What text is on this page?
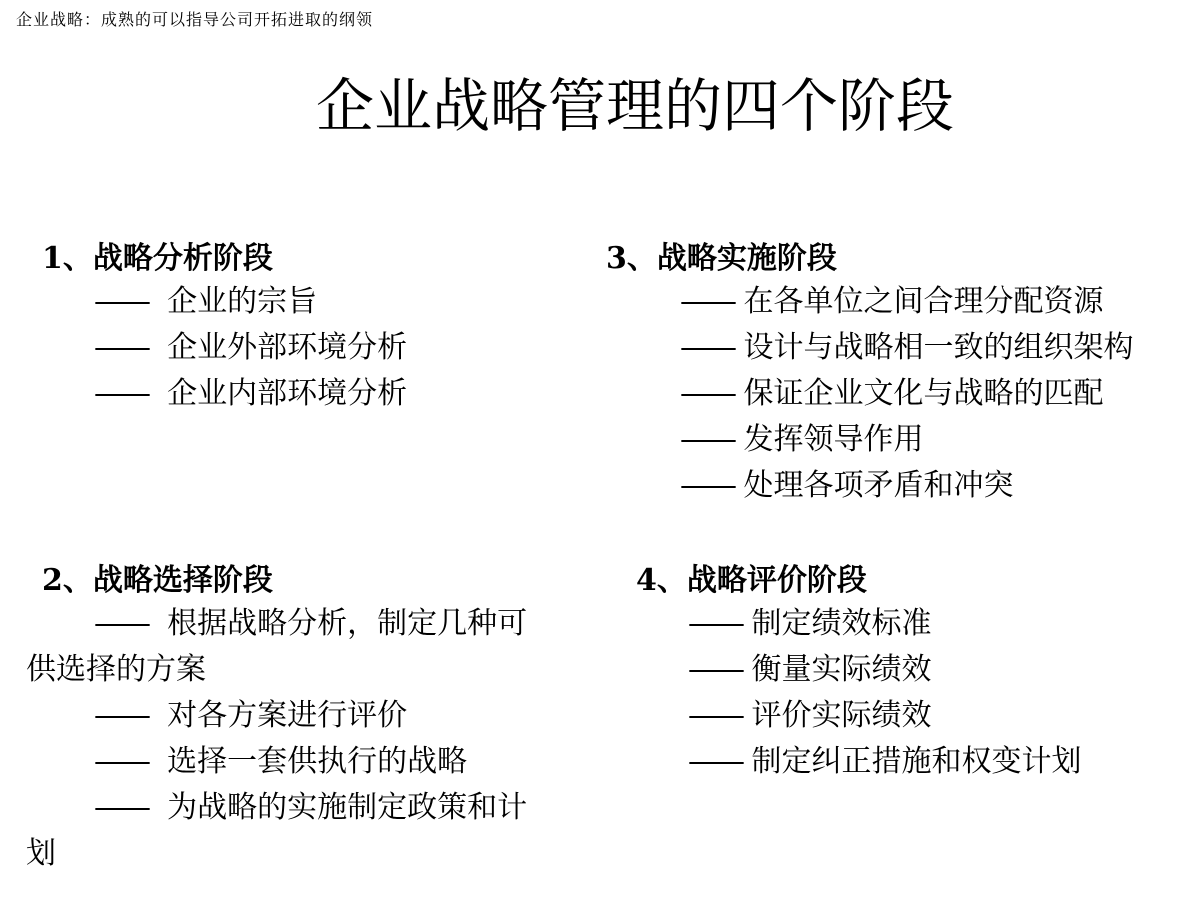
企业战略：成熟的可以指导公司开拓进取的纲领
企业战略管理的四个阶段
1、战略分析阶段
—— 企业的宗旨
—— 企业外部环境分析
—— 企业内部环境分析
3、战略实施阶段
—— 在各单位之间合理分配资源
—— 设计与战略相一致的组织架构
—— 保证企业文化与战略的匹配
—— 发挥领导作用
—— 处理各项矛盾和冲突
2、战略选择阶段
—— 根据战略分析，制定几种可
供选择的方案
—— 对各方案进行评价
—— 选择一套供执行的战略
—— 为战略的实施制定政策和计
划
4、战略评价阶段
—— 制定绩效标准
—— 衡量实际绩效
—— 评价实际绩效
—— 制定纠正措施和权变计划
